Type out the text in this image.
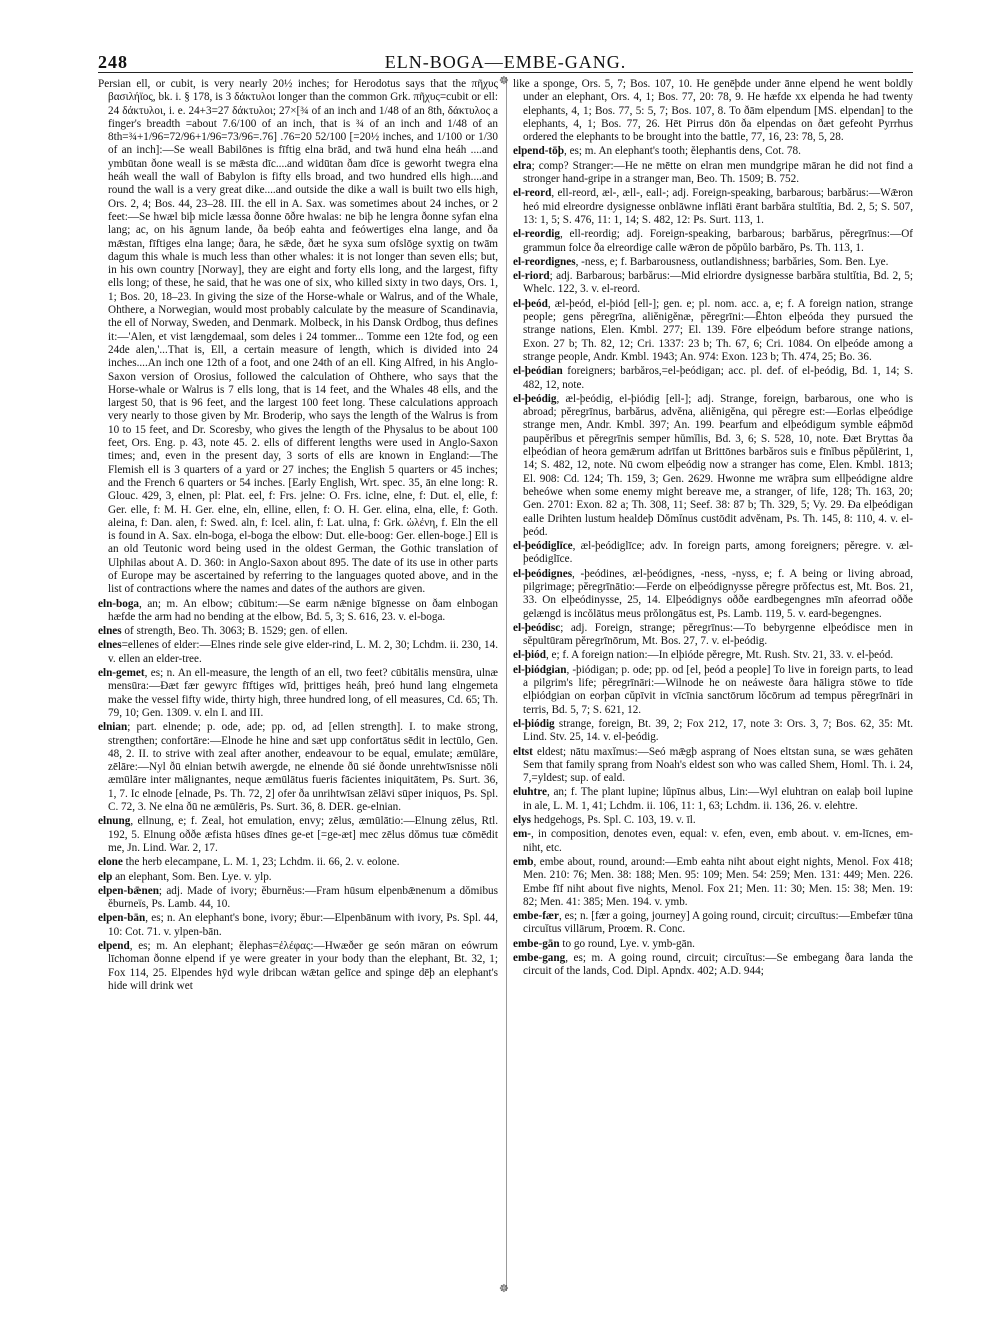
248	ELN-BOGA—EMBE-GANG.
☸
☸

Persian ell, or cubit, is very nearly 20½ inches; for Herodotus says that the πῆχυς βασιλήϊος, bk. i. § 178, is 3 δάκτυλοι longer than the common Grk. πῆχυς=cubit or ell: 24 δάκτυλοι, i. e. 24+3=27 δάκτυλοι; 27×[¾ of an inch and 1/48 of an 8th, δάκτυλος a finger's breadth =about 7.6/100 of an inch, that is ¾ of an inch and 1/48 of an 8th=¾+1/96=72/96+1/96=73/96=.76] .76=20 52/100 [=20½ inches, and 1/100 or 1/30 of an inch]:—Se weall Babilōnes is fīftig elna brād, and twā hund elna heáh ....and ymbūtan ðone weall is se mǣsta dīc....and widūtan ðam dīce is geworht twegra elna heáh weall the wall of Babylon is fifty ells broad, and two hundred ells high....and round the wall is a very great dike....and outside the dike a wall is built two ells high, Ors. 2, 4; Bos. 44, 23–28. III. the ell in A. Sax. was sometimes about 24 inches, or 2 feet:—Se hwæl biþ micle læssa ðonne ōðre hwalas: ne biþ he lengra ðonne syfan elna lang; ac, on his āgnum lande, ða beóþ eahta and feówertiges elna lange, and ða mǣstan, fīftiges elna lange; ðara, he sǣde, ðæt he syxa sum ofslōge syxtig on twām dagum this whale is much less than other whales: it is not longer than seven ells; but, in his own country [Norway], they are eight and forty ells long, and the largest, fifty ells long; of these, he said, that he was one of six, who killed sixty in two days, Ors. 1, 1; Bos. 20, 18–23. In giving the size of the Horse-whale or Walrus, and of the Whale, Ohthere, a Norwegian, would most probably calculate by the measure of Scandinavia, the ell of Norway, Sweden, and Denmark. Molbeck, in his Dansk Ordbog, thus defines it:—'Alen, et vist længdemaal, som deles i 24 tommer... Tomme een 12te fod, og een 24de alen,'...That is, Ell, a certain measure of length, which is divided into 24 inches....An inch one 12th of a foot, and one 24th of an ell. King Alfred, in his Anglo-Saxon version of Orosius, followed the calculation of Ohthere, who says that the Horse-whale or Walrus is 7 ells long, that is 14 feet, and the Whales 48 ells, and the largest 50, that is 96 feet, and the largest 100 feet long. These calculations approach very nearly to those given by Mr. Broderip, who says the length of the Walrus is from 10 to 15 feet, and Dr. Scoresby, who gives the length of the Physalus to be about 100 feet, Ors. Eng. p. 43, note 45. 2. ells of different lengths were used in Anglo-Saxon times; and, even in the present day, 3 sorts of ells are known in England:—The Flemish ell is 3 quarters of a yard or 27 inches; the English 5 quarters or 45 inches; and the French 6 quarters or 54 inches. [Early English, Wrt. spec. 35, ān elne long: R. Glouc. 429, 3, elnen, pl: Plat. eel, f: Frs. jelne: O. Frs. iclne, elne, f: Dut. el, elle, f: Ger. elle, f: M. H. Ger. elne, eln, elline, ellen, f: O. H. Ger. elina, elna, elle, f: Goth. aleina, f: Dan. alen, f: Swed. aln, f: Icel. alin, f: Lat. ulna, f: Grk. ὠλένη, f. Eln the ell is found in A. Sax. eln-boga, el-boga the elbow: Dut. elle-boog: Ger. ellen-boge.] Ell is an old Teutonic word being used in the oldest German, the Gothic translation of Ulphilas about A. D. 360: in Anglo-Saxon about 895. The date of its use in other parts of Europe may be ascertained by referring to the languages quoted above, and in the list of contractions where the names and dates of the authors are given.

eln-boga, an; m. An elbow; cūbitum:—Se earm nǣnige bīgnesse on ðam elnbogan hæfde the arm had no bending at the elbow, Bd. 5, 3; S. 616, 23. v. el-boga.

elnes of strength, Beo. Th. 3063; B. 1529; gen. of ellen.

elnes=ellenes of elder:—Elnes rinde sele give elder-rind, L. M. 2, 30; Lchdm. ii. 230, 14. v. ellen an elder-tree.

eln-gemet, es; n. An ell-measure, the length of an ell, two feet? cūbitālis mensūra, ulnæ mensūra:—Ðæt fær gewyrc fīftiges wīd, þrittiges heáh, þreó hund lang elngemeta make the vessel fifty wide, thirty high, three hundred long, of ell measures, Cd. 65; Th. 79, 10; Gen. 1309. v. eln I. and III.

elnian; part. elnende; p. ode, ade; pp. od, ad [ellen strength]. I. to make strong, strengthen; confortāre:—Elnode he hine and sæt upp confortātus sēdit in lectūlo, Gen. 48, 2. II. to strive with zeal after another, endeavour to be equal, emulate; æmūlāre, zēlāre:—Nyl ðū elnian betwih awergde, ne elnende ðū sié ðonde unrehtwīsnisse nōli æmūlāre inter mālignantes, neque æmūlātus fueris fācientes iniquitātem, Ps. Surt. 36, 1, 7. Ic elnode [elnade, Ps. Th. 72, 2] ofer ða unrihtwīsan zēlāvi sūper iniquos, Ps. Spl. C. 72, 3. Ne elna ðū ne æmūlēris, Ps. Surt. 36, 8. DER. ge-elnian.

elnung, ellnung, e; f. Zeal, hot emulation, envy; zēlus, æmūlātio:—Elnung zēlus, Rtl. 192, 5. Elnung oððe æfista hūses dīnes ge-et [=ge-æt] mec zēlus dŏmus tuæ cōmēdit me, Jn. Lind. War. 2, 17.

elone the herb elecampane, L. M. 1, 23; Lchdm. ii. 66, 2. v. eolone.

elp an elephant, Som. Ben. Lye. v. ylp.

elpen-bǣnen; adj. Made of ivory; ĕburnĕus:—Fram hūsum elpenbǣnenum a dŏmibus ĕburneïs, Ps. Lamb. 44, 10.

elpen-bān, es; n. An elephant's bone, ivory; ĕbur:—Elpenbānum with ivory, Ps. Spl. 44, 10: Cot. 71. v. ylpen-bān.

elpend, es; m. An elephant; ĕlephas=ἐλέφας:—Hwæðer ge seón māran on eówrum līchoman ðonne elpend if ye were greater in your body than the elephant, Bt. 32, 1; Fox 114, 25. Elpendes hȳd wyle dribcan wǣtan gelīce and spinge dēþ an elephant's hide will drink wet

like a sponge, Ors. 5, 7; Bos. 107, 10. He genēþde under ānne elpend he went boldly under an elephant, Ors. 4, 1; Bos. 77, 20: 78, 9. He hæfde xx elpenda he had twenty elephants, 4, 1; Bos. 77, 5: 5, 7; Bos. 107, 8. To ðām elpendum [MS. elpendan] to the elephants, 4, 1; Bos. 77, 26. Hēt Pirrus dōn ða elpendas on ðæt gefeoht Pyrrhus ordered the elephants to be brought into the battle, 77, 16, 23: 78, 5, 28.

elpend-tōþ, es; m. An elephant's tooth; ĕlephantis dens, Cot. 78.

elra; comp? Stranger:—He ne mētte on elran men mundgripe māran he did not find a stronger hand-gripe in a stranger man, Beo. Th. 1509; B. 752.

el-reord, ell-reord, æl-, æll-, eall-; adj. Foreign-speaking, barbarous; barbărus:—Wǣron heó mid elreordre dysignesse onblāwne inflāti ērant barbăra stultĭtia, Bd. 2, 5; S. 507, 13: 1, 5; S. 476, 11: 1, 14; S. 482, 12: Ps. Surt. 113, 1.

el-reordig, ell-reordig; adj. Foreign-speaking, barbarous; barbărus, pĕregrīnus:—Of grammun folce ða elreordige calle wǣron de pŏpŭlo barbăro, Ps. Th. 113, 1.

el-reordignes, -ness, e; f. Barbarousness, outlandishness; barbăries, Som. Ben. Lye.

el-riord; adj. Barbarous; barbărus:—Mid elriordre dysignesse barbăra stultĭtia, Bd. 2, 5; Whelc. 122, 3. v. el-reord.

el-þeód, æl-þeód, el-þiód [ell-]; gen. e; pl. nom. acc. a, e; f. A foreign nation, strange people; gens pĕregrīna, aliĕnigĕnæ, pĕregrīni:—Ēhton elþeóda they pursued the strange nations, Elen. Kmbl. 277; El. 139. Fōre elþeódum before strange nations, Exon. 27 b; Th. 82, 12; Cri. 1337: 23 b; Th. 67, 6; Cri. 1084. On elþeóde among a strange people, Andr. Kmbl. 1943; An. 974: Exon. 123 b; Th. 474, 25; Bo. 36.

el-þeódian foreigners; barbăros,=el-þeódigan; acc. pl. def. of el-þeódig, Bd. 1, 14; S. 482, 12, note.

el-þeódig, æl-þeódig, el-þiódig [ell-]; adj. Strange, foreign, barbarous, one who is abroad; pĕregrīnus, barbărus, advĕna, aliĕnigĕna, qui pĕregre est:—Eorlas elþeódige strange men, Andr. Kmbl. 397; An. 199. Þearfum and elþeódigum symble eáþmōd paupĕrĭbus et pĕregrīnis semper hŭmĭlis, Bd. 3, 6; S. 528, 10, note. Ðæt Bryttas ða elþeódian of heora gemǣrum adrīfan ut Brittōnes barbăros suis e fīnĭbus pĕpŭlērint, 1, 14; S. 482, 12, note. Nū cwom elþeódig now a stranger has come, Elen. Kmbl. 1813; El. 908: Cd. 124; Th. 159, 3; Gen. 2629. Hwonne me wrāþra sum ellþeódigne aldre beheówe when some enemy might bereave me, a stranger, of life, 128; Th. 163, 20; Gen. 2701: Exon. 82 a; Th. 308, 11; Seef. 38: 87 b; Th. 329, 5; Vy. 29. Ða elþeódigan ealle Drihten lustum healdeþ Dŏmĭnus custōdit advĕnam, Ps. Th. 145, 8: 110, 4. v. el-þeód.

el-þeódiglīce, æl-þeódiglīce; adv. In foreign parts, among foreigners; pĕregre. v. æl-þeódiglīce.

el-þeódignes, -þeódines, æl-þeódignes, -ness, -nyss, e; f. A being or living abroad, pilgrimage; pĕregrīnātio:—Ferde on elþeódignysse pĕregre prŏfectus est, Mt. Bos. 21, 33. On elþeódinysse, 25, 14. Elþeódignys oððe eardbegengnes mīn afeorrad oððe gelængd is incŏlātus meus prŏlongātus est, Ps. Lamb. 119, 5. v. eard-begengnes.

el-þeódisc; adj. Foreign, strange; pĕregrīnus:—To bebyrgenne elþeódisce men in sĕpultūram pĕregrīnōrum, Mt. Bos. 27, 7. v. el-þeódig.

el-þiód, e; f. A foreign nation:—In elþióde pĕregre, Mt. Rush. Stv. 21, 33. v. el-þeód.

el-þiódgian, -þiódigan; p. ode; pp. od [el, þeód a people] To live in foreign parts, to lead a pilgrim's life; pĕregrīnāri:—Wilnode he on neáweste ðara hāligra stōwe to tīde elþiódgian on eorþan cŭpīvit in vīcīnia sanctōrum lŏcōrum ad tempus pĕregrīnāri in terris, Bd. 5, 7; S. 621, 12.

el-þiódig strange, foreign, Bt. 39, 2; Fox 212, 17, note 3: Ors. 3, 7; Bos. 62, 35: Mt. Lind. Stv. 25, 14. v. el-þeódig.

eltst eldest; nātu maxĭmus:—Seó mǣgþ asprang of Noes eltstan suna, se wæs gehāten Sem that family sprang from Noah's eldest son who was called Shem, Homl. Th. i. 24, 7,=yldest; sup. of eald.

eluhtre, an; f. The plant lupine; lŭpīnus albus, Lin:—Wyl eluhtran on ealaþ boil lupine in ale, L. M. 1, 41; Lchdm. ii. 106, 11: 1, 63; Lchdm. ii. 136, 26. v. elehtre.

elys hedgehogs, Ps. Spl. C. 103, 19. v. īl.

em-, in composition, denotes even, equal: v. efen, even, emb about. v. em-līcnes, em-niht, etc.

emb, embe about, round, around:—Emb eahta niht about eight nights, Menol. Fox 418; Men. 210: 76; Men. 38: 188; Men. 95: 109; Men. 54: 259; Men. 131: 449; Men. 226. Embe fīf niht about five nights, Menol. Fox 21; Men. 11: 30; Men. 15: 38; Men. 19: 82; Men. 41: 385; Men. 194. v. ymb.

embe-fær, es; n. [fær a going, journey] A going round, circuit; circuītus:—Embefær tūna circuĭtus villārum, Proœm. R. Conc.

embe-gān to go round, Lye. v. ymb-gān.

embe-gang, es; m. A going round, circuit; circuĭtus:—Se embegang ðara landa the circuit of the lands, Cod. Dipl. Apndx. 402; A.D. 944;
